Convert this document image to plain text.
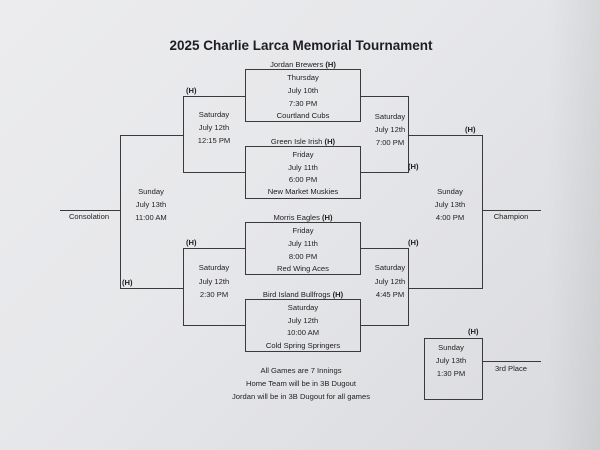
2025 Charlie Larca Memorial Tournament
Jordan Brewers (H)
Thursday
July 10th
7:30 PM
Courtland Cubs
Green Isle Irish (H)
Friday
July 11th
6:00 PM
New Market Muskies
Morris Eagles (H)
Friday
July 11th
8:00 PM
Red Wing Aces
Bird Island Bullfrogs (H)
Saturday
July 12th
10:00 AM
Cold Spring Springers
(H)
Saturday
July 12th
12:15 PM
Saturday
July 12th
7:00 PM
(H)
(H)
Saturday
July 12th
2:30 PM
(H)
Saturday
July 12th
4:45 PM
Sunday
July 13th
11:00 AM
Consolation
(H)
(H)
Sunday
July 13th
4:00 PM	Champion
(H)
Sunday
July 13th
1:30 PM
3rd Place
All Games are 7 Innings
Home Team will be in 3B Dugout
Jordan will be in 3B Dugout for all games
